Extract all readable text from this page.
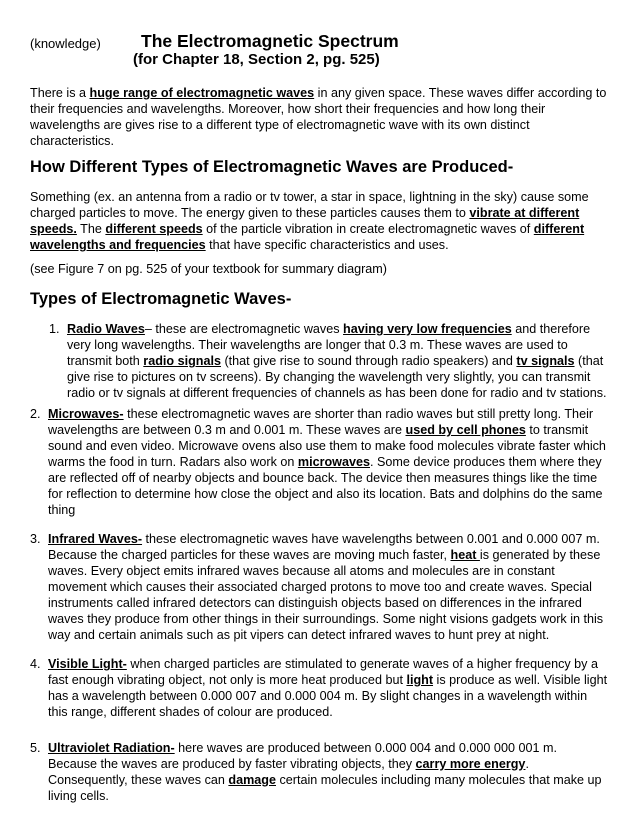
(knowledge) The Electromagnetic Spectrum
(for Chapter 18, Section 2, pg. 525)
There is a huge range of electromagnetic waves in any given space. These waves differ according to their frequencies and wavelengths. Moreover, how short their frequencies and how long their wavelengths are gives rise to a different type of electromagnetic wave with its own distinct characteristics.
How Different Types of Electromagnetic Waves are Produced-
Something (ex. an antenna from a radio or tv tower, a star in space, lightning in the sky) cause some charged particles to move. The energy given to these particles causes them to vibrate at different speeds. The different speeds of the particle vibration in create electromagnetic waves of different wavelengths and frequencies that have specific characteristics and uses.
(see Figure 7 on pg. 525 of your textbook for summary diagram)
Types of Electromagnetic Waves-
1. Radio Waves– these are electromagnetic waves having very low frequencies and therefore very long wavelengths. Their wavelengths are longer that 0.3 m. These waves are used to transmit both radio signals (that give rise to sound through radio speakers) and tv signals (that give rise to pictures on tv screens). By changing the wavelength very slightly, you can transmit radio or tv signals at different frequencies of channels as has been done for radio and tv stations.
2. Microwaves- these electromagnetic waves are shorter than radio waves but still pretty long. Their wavelengths are between 0.3 m and 0.001 m. These waves are used by cell phones to transmit sound and even video. Microwave ovens also use them to make food molecules vibrate faster which warms the food in turn. Radars also work on microwaves. Some device produces them where they are reflected off of nearby objects and bounce back. The device then measures things like the time for reflection to determine how close the object and also its location. Bats and dolphins do the same thing
3. Infrared Waves- these electromagnetic waves have wavelengths between 0.001 and 0.000 007 m. Because the charged particles for these waves are moving much faster, heat is generated by these waves. Every object emits infrared waves because all atoms and molecules are in constant movement which causes their associated charged protons to move too and create waves. Special instruments called infrared detectors can distinguish objects based on differences in the infrared waves they produce from other things in their surroundings. Some night visions gadgets work in this way and certain animals such as pit vipers can detect infrared waves to hunt prey at night.
4. Visible Light- when charged particles are stimulated to generate waves of a higher frequency by a fast enough vibrating object, not only is more heat produced but light is produce as well. Visible light has a wavelength between 0.000 007 and 0.000 004 m. By slight changes in a wavelength within this range, different shades of colour are produced.
5. Ultraviolet Radiation- here waves are produced between 0.000 004 and 0.000 000 001 m. Because the waves are produced by faster vibrating objects, they carry more energy. Consequently, these waves can damage certain molecules including many molecules that make up living cells.
